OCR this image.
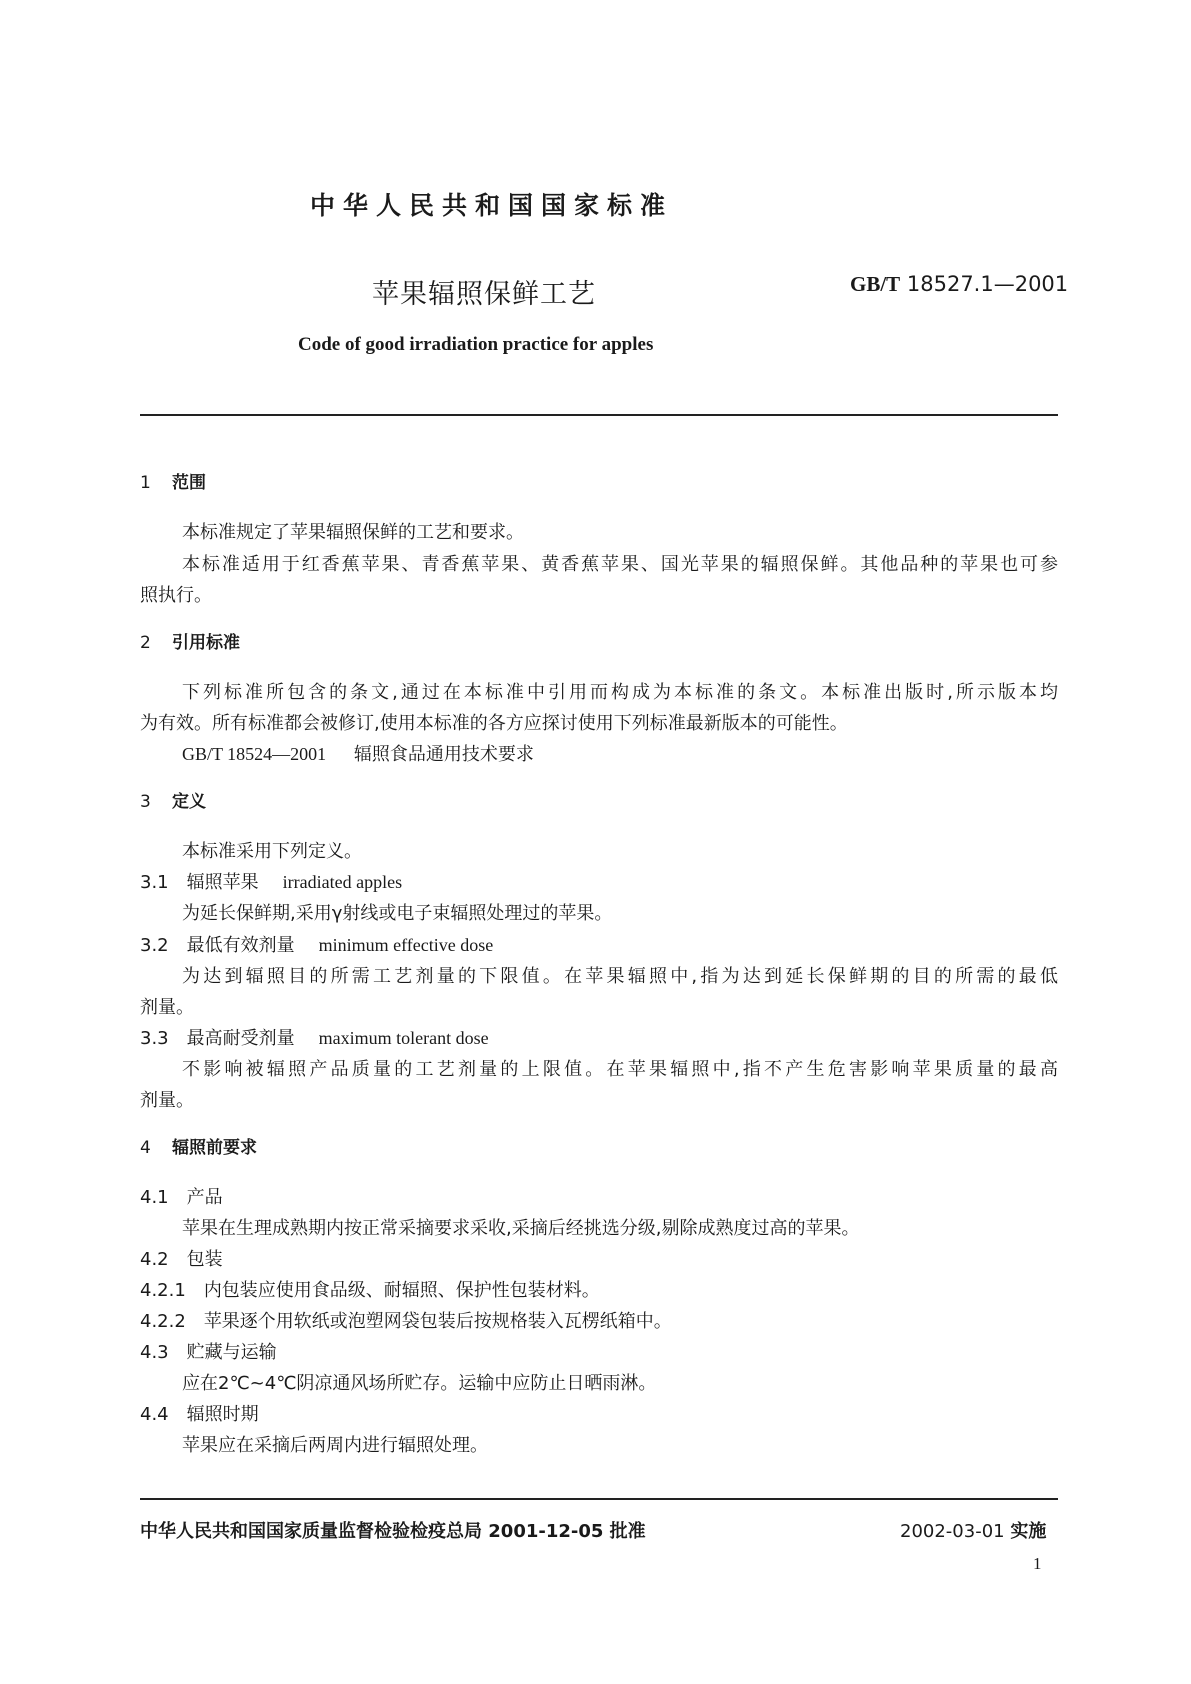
中华人民共和国国家标准
苹果辐照保鲜工艺	GB/T 18527.1—2001
Code of good irradiation practice for apples
1 范围
本标准规定了苹果辐照保鲜的工艺和要求。
本标准适用于红香蕉苹果、青香蕉苹果、黄香蕉苹果、国光苹果的辐照保鲜。其他品种的苹果也可参
照执行。
2 引用标准
下列标准所包含的条文,通过在本标准中引用而构成为本标准的条文。本标准出版时,所示版本均
为有效。所有标准都会被修订,使用本标准的各方应探讨使用下列标准最新版本的可能性。
GB/T 18524—2001 辐照食品通用技术要求
3 定义
本标准采用下列定义。
3.1 辐照苹果 irradiated apples
为延长保鲜期,采用γ射线或电子束辐照处理过的苹果。
3.2 最低有效剂量 minimum effective dose
为达到辐照目的所需工艺剂量的下限值。在苹果辐照中,指为达到延长保鲜期的目的所需的最低
剂量。
3.3 最高耐受剂量 maximum tolerant dose
不影响被辐照产品质量的工艺剂量的上限值。在苹果辐照中,指不产生危害影响苹果质量的最高
剂量。
4 辐照前要求
4.1 产品
苹果在生理成熟期内按正常采摘要求采收,采摘后经挑选分级,剔除成熟度过高的苹果。
4.2 包装
4.2.1 内包装应使用食品级、耐辐照、保护性包装材料。
4.2.2 苹果逐个用软纸或泡塑网袋包装后按规格装入瓦楞纸箱中。
4.3 贮藏与运输
应在2℃~4℃阴凉通风场所贮存。运输中应防止日晒雨淋。
4.4 辐照时期
苹果应在采摘后两周内进行辐照处理。
中华人民共和国国家质量监督检验检疫总局 2001-12-05 批准	2002-03-01 实施
1
